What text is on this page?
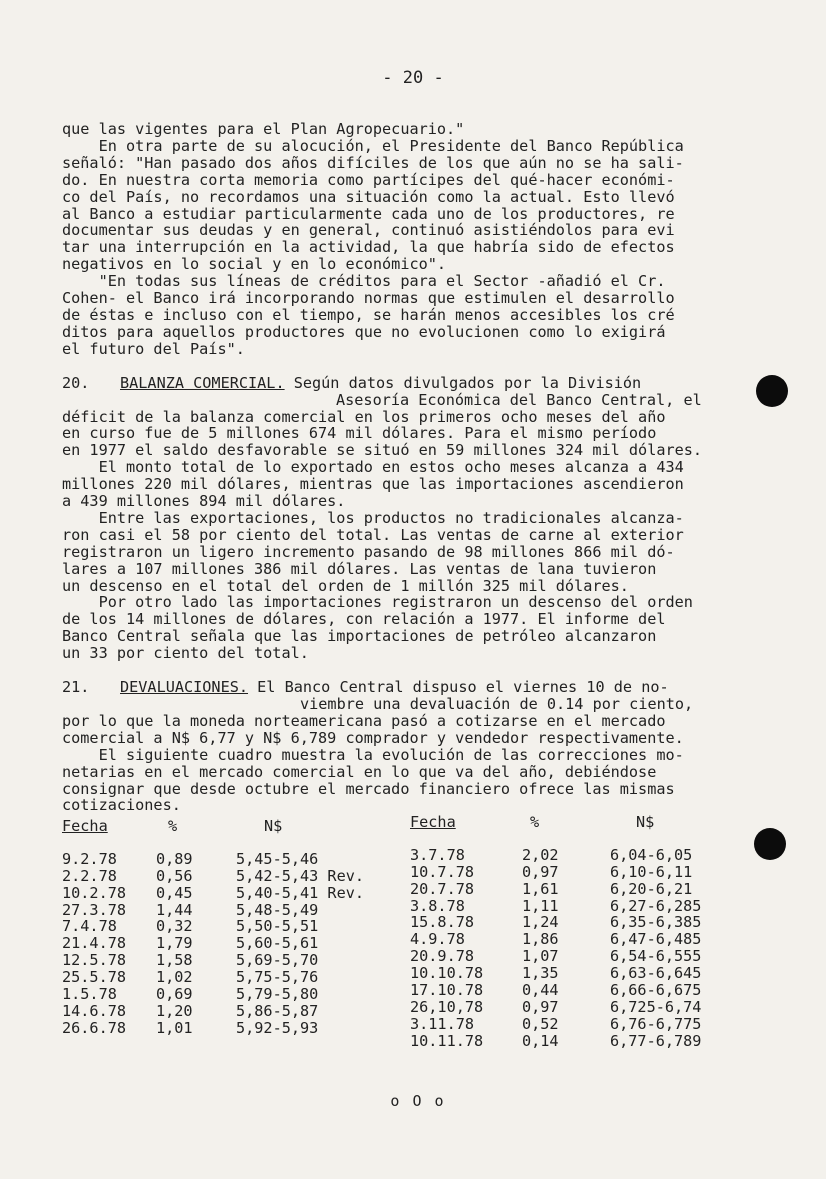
- 20 -
que las vigentes para el Plan Agropecuario."
En otra parte de su alocución, el Presidente del Banco República
señaló: "Han pasado dos años difíciles de los que aún no se ha sali-
do. En nuestra corta memoria como partícipes del qué-hacer económi-
co del País, no recordamos una situación como la actual. Esto llevó
al Banco a estudiar particularmente cada uno de los productores, re
documentar sus deudas y en general, continuó asistiéndolos para evi
tar una interrupción en la actividad, la que habría sido de efectos
negativos en lo social y en lo económico".
"En todas sus líneas de créditos para el Sector -añadió el Cr.
Cohen- el Banco irá incorporando normas que estimulen el desarrollo
de éstas e incluso con el tiempo, se harán menos accesibles los cré
ditos para aquellos productores que no evolucionen como lo exigirá
el futuro del País".
20. BALANZA COMERCIAL. Según datos divulgados por la División
Asesoría Económica del Banco Central, el
déficit de la balanza comercial en los primeros ocho meses del año
en curso fue de 5 millones 674 mil dólares. Para el mismo período
en 1977 el saldo desfavorable se situó en 59 millones 324 mil dólares.
El monto total de lo exportado en estos ocho meses alcanza a 434
millones 220 mil dólares, mientras que las importaciones ascendieron
a 439 millones 894 mil dólares.
Entre las exportaciones, los productos no tradicionales alcanza-
ron casi el 58 por ciento del total. Las ventas de carne al exterior
registraron un ligero incremento pasando de 98 millones 866 mil dó-
lares a 107 millones 386 mil dólares. Las ventas de lana tuvieron
un descenso en el total del orden de 1 millón 325 mil dólares.
Por otro lado las importaciones registraron un descenso del orden
de los 14 millones de dólares, con relación a 1977. El informe del
Banco Central señala que las importaciones de petróleo alcanzaron
un 33 por ciento del total.
21. DEVALUACIONES. El Banco Central dispuso el viernes 10 de no-
viembre una devaluación de 0.14 por ciento,
por lo que la moneda norteamericana pasó a cotizarse en el mercado
comercial a N$ 6,77 y N$ 6,789 comprador y vendedor respectivamente.
El siguiente cuadro muestra la evolución de las correcciones mo-
netarias en el mercado comercial en lo que va del año, debiéndose
consignar que desde octubre el mercado financiero ofrece las mismas
cotizaciones.
Fecha	%	N$
9.2.78	0,89	5,45-5,46
2.2.78	0,56	5,42-5,43 Rev.
10.2.78 0,45	5,40-5,41 Rev.
27.3.78 1,44	5,48-5,49
7.4.78	0,32	5,50-5,51
21.4.78 1,79	5,60-5,61
12.5.78 1,58	5,69-5,70
25.5.78 1,02	5,75-5,76
1.5.78	0,69	5,79-5,80
14.6.78 1,20	5,86-5,87
26.6.78 1,01	5,92-5,93
Fecha	%	N$
3.7.78	2,02	6,04-6,05
10.7.78	0,97	6,10-6,11
20.7.78	1,61	6,20-6,21
3.8.78	1,11	6,27-6,285
15.8.78	1,24	6,35-6,385
4.9.78	1,86	6,47-6,485
20.9.78	1,07	6,54-6,555
10.10.78	1,35	6,63-6,645
17.10.78	0,44	6,66-6,675
26,10,78	0,97	6,725-6,74
3.11.78	0,52	6,76-6,775
10.11.78	0,14	6,77-6,789
o O o
